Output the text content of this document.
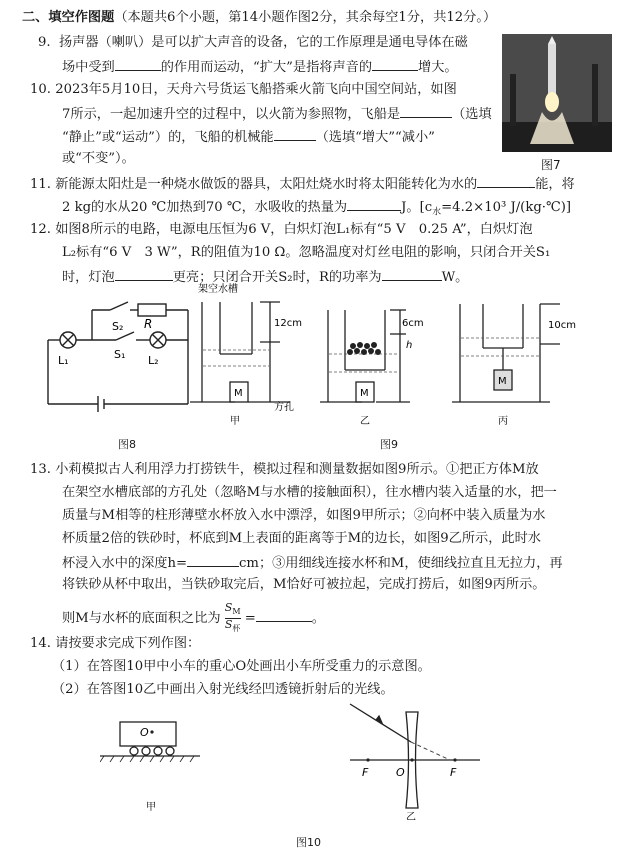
二、填空作图题（本题共6个小题，第14小题作图2分，其余每空1分，共12分。）
9. 扬声器（喇叭）是可以扩大声音的设备，它的工作原理是通电导体在磁
场中受到	的作用而运动，“扩大”是指将声音的	增大。
10. 2023年5月10日，天舟六号货运飞船搭乘火箭飞向中国空间站，如图
7所示，一起加速升空的过程中，以火箭为参照物，飞船是	（选填
“静止”或“运动”）的，飞船的机械能	（选填“增大”“减小”
或“不变”）。	图7
11. 新能源太阳灶是一种烧水做饭的器具，太阳灶烧水时将太阳能转化为水的	能，将
2 kg的水从20 ℃加热到70 ℃，水吸收的热量为	J。[$c_水=4.2\times 10^3$ J/(kg·℃)]
12. 如图8所示的电路，电源电压恒为6 V，白炽灯泡L₁标有“5 V　0.25 A”，白炽灯泡
L₂标有“6 V　3 W”，R的阻值为10 Ω。忽略温度对灯丝电阻的影响，只闭合开关S₁
时，灯泡	更亮；只闭合开关S₂时，R的功率为	W。
S₁
S₂ R
L₁	L₂
图8
架空水槽
12cm	6cm
h
10cm
M	M
M
方孔
甲	乙	丙
图9
13. 小莉模拟古人利用浮力打捞铁牛，模拟过程和测量数据如图9所示。①把正方体M放
在架空水槽底部的方孔处（忽略M与水槽的接触面积），往水槽内装入适量的水，把一
质量与M相等的柱形薄壁水杯放入水中漂浮，如图9甲所示；②向杯中装入质量为水
杯质量2倍的铁砂时，杯底到M上表面的距离等于M的边长，如图9乙所示，此时水
杯浸入水中的深度h=	cm；③用细线连接水杯和M，使细线拉直且无拉力，再
将铁砂从杯中取出，当铁砂取完后，M恰好可被拉起，完成打捞后，如图9丙所示。
则M与水杯的底面积之比为
$S_M$
$S_杯$
=	。
14. 请按要求完成下列作图：
（1）在答图10甲中小车的重心O处画出小车所受重力的示意图。
（2）在答图10乙中画出入射光线经凹透镜折射后的光线。
O
甲
F	O	F
乙
图10
